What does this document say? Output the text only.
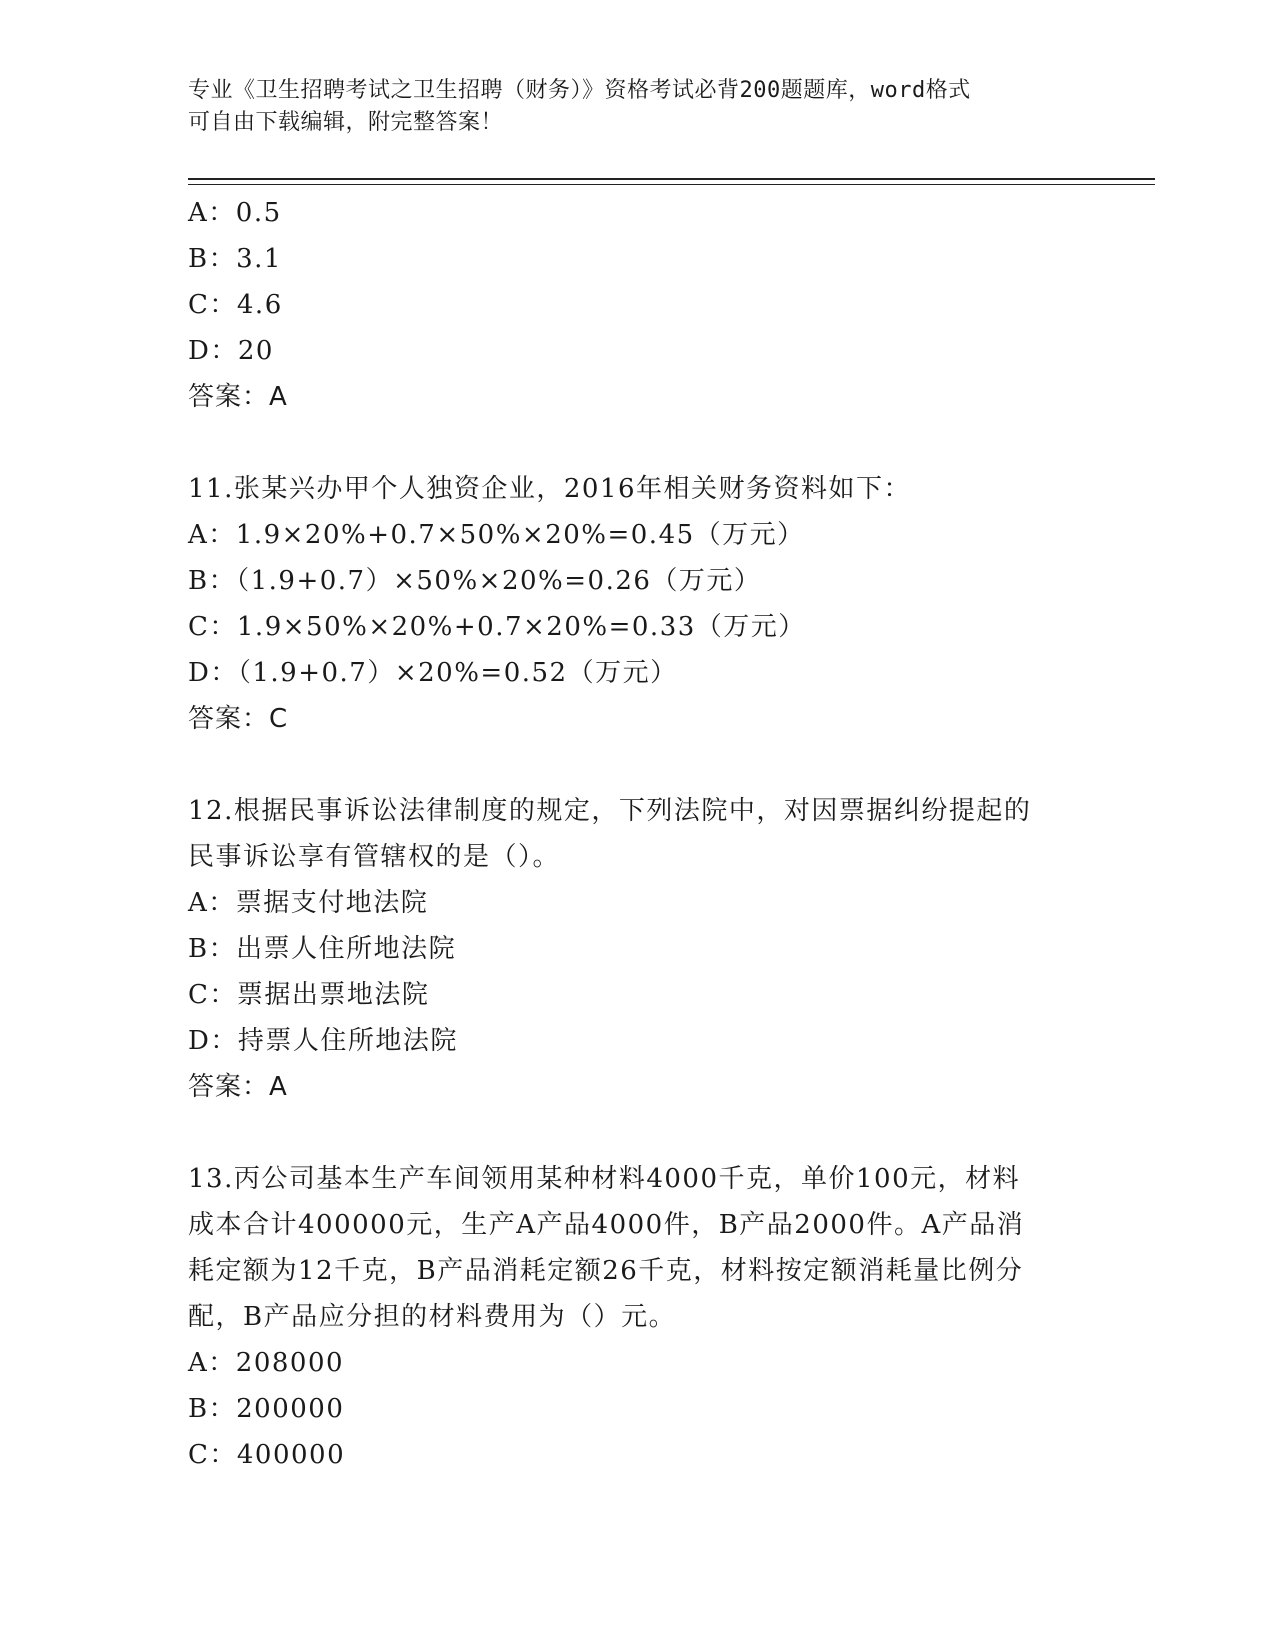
专业《卫生招聘考试之卫生招聘（财务）》资格考试必背200题题库，word格式
可自由下载编辑，附完整答案！
A：0.5
B：3.1
C：4.6
D：20
答案：A
11.张某兴办甲个人独资企业，2016年相关财务资料如下：
A：1.9×20%+0.7×50%×20%=0.45（万元）
B：（1.9+0.7）×50%×20%=0.26（万元）
C：1.9×50%×20%+0.7×20%=0.33（万元）
D：（1.9+0.7）×20%=0.52（万元）
答案：C
12.根据民事诉讼法律制度的规定，下列法院中，对因票据纠纷提起的
民事诉讼享有管辖权的是（）。
A：票据支付地法院
B：出票人住所地法院
C：票据出票地法院
D：持票人住所地法院
答案：A
13.丙公司基本生产车间领用某种材料4000千克，单价100元，材料
成本合计400000元，生产A产品4000件，B产品2000件。A产品消
耗定额为12千克，B产品消耗定额26千克，材料按定额消耗量比例分
配，B产品应分担的材料费用为（）元。
A：208000
B：200000
C：400000
